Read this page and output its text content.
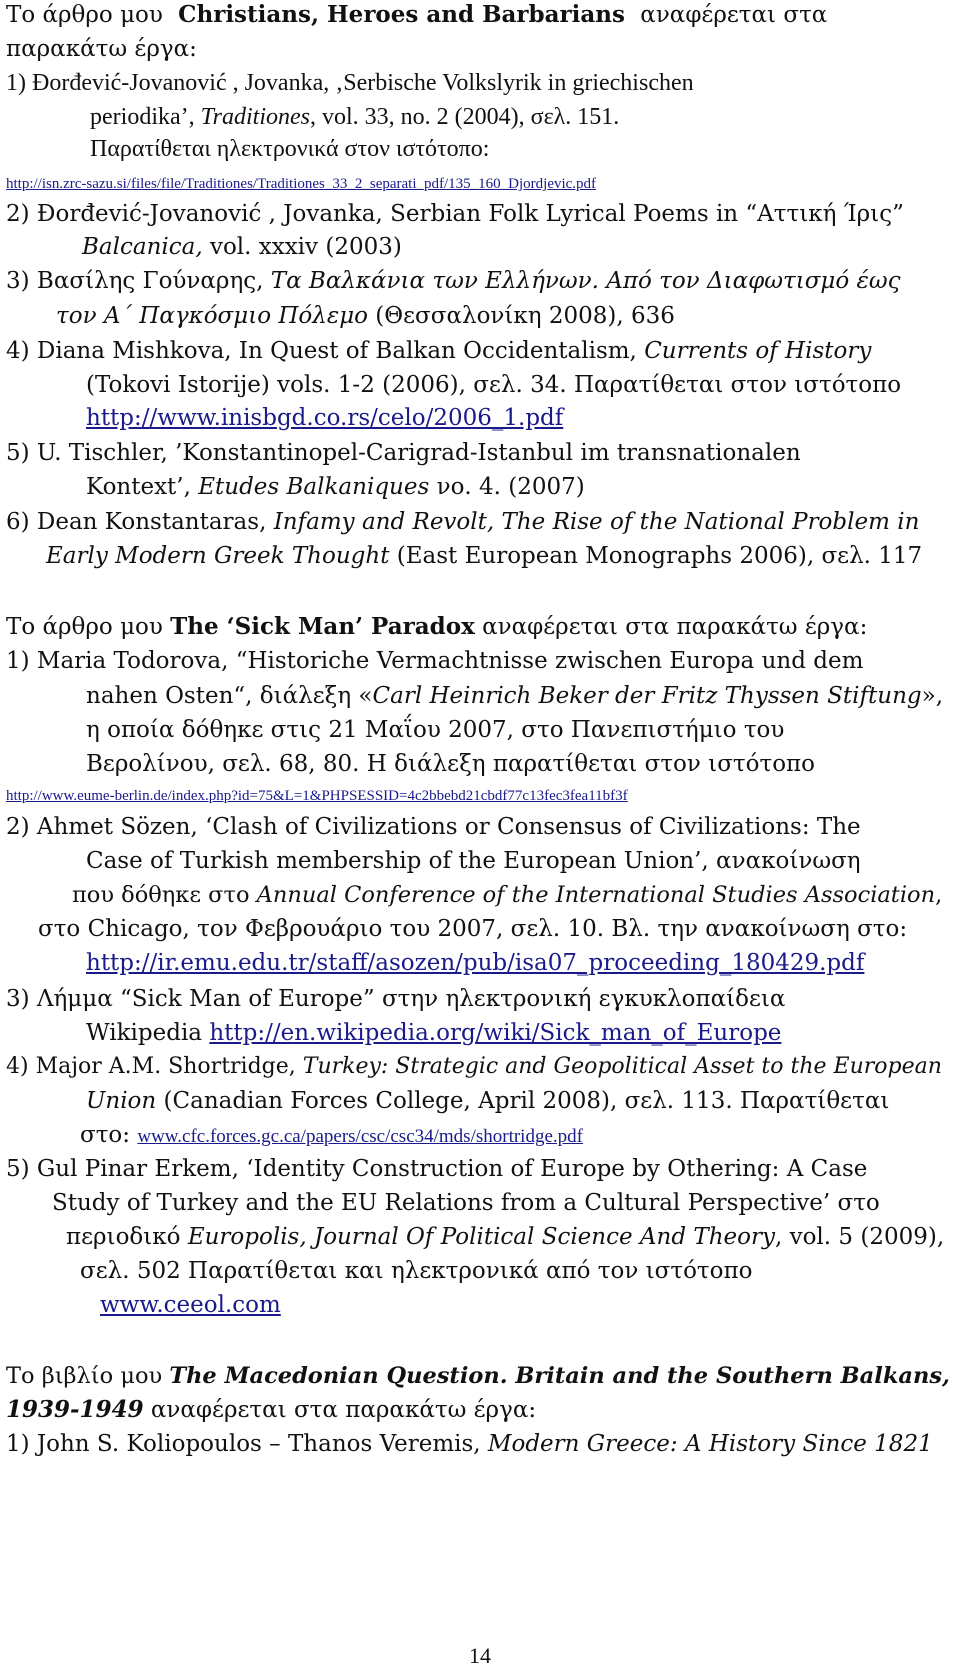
Το άρθρο μου Christians, Heroes and Barbarians αναφέρεται στα
παρακάτω έργα:
1) Đorđević-Jovanović , Jovanka, ‚Serbische Volkslyrik in griechischen
periodika’, Traditiones, vol. 33, no. 2 (2004), σελ. 151.
Παρατίθεται ηλεκτρονικά στον ιστότοπο:
http://isn.zrc-sazu.si/files/file/Traditiones/Traditiones_33_2_separati_pdf/135_160_Djordjevic.pdf
2) Đorđević-Jovanović , Jovanka, Serbian Folk Lyrical Poems in “Αττική Ίρις”
Balcanica, vol. xxxiv (2003)
3) Βασίλης Γούναρης, Τα Βαλκάνια των Ελλήνων. Από τον Διαφωτισμό έως
τον Α΄ Παγκόσμιο Πόλεμο (Θεσσαλονίκη 2008), 636
4) Diana Mishkova, In Quest of Balkan Occidentalism, Currents of History
(Tokovi Istorije) vols. 1-2 (2006), σελ. 34. Παρατίθεται στον ιστότοπο
http://www.inisbgd.co.rs/celo/2006_1.pdf
5) U. Tischler, ’Konstantinopel-Carigrad-Istanbul im transnationalen
Kontext’, Etudes Balkaniques νο. 4. (2007)
6) Dean Konstantaras, Infamy and Revolt, The Rise of the National Problem in
Early Modern Greek Thought (East European Monographs 2006), σελ. 117
Το άρθρο μου The ‘Sick Man’ Paradox αναφέρεται στα παρακάτω έργα:
1) Maria Todorova, “Historiche Vermachtnisse zwischen Europa und dem
nahen Osten“, διάλεξη «Carl Heinrich Beker der Fritz Thyssen Stiftung»,
η οποία δόθηκε στις 21 Μαΐου 2007, στο Πανεπιστήμιο του
Βερολίνου, σελ. 68, 80. Η διάλεξη παρατίθεται στον ιστότοπο
http://www.eume-berlin.de/index.php?id=75&L=1&PHPSESSID=4c2bbebd21cbdf77c13fec3fea11bf3f
2) Ahmet Sözen, ‘Clash of Civilizations or Consensus of Civilizations: The
Case of Turkish membership of the European Union’, ανακοίνωση
που δόθηκε στο Annual Conference of the International Studies Association,
στο Chicago, τον Φεβρουάριο του 2007, σελ. 10. Βλ. την ανακοίνωση στο:
http://ir.emu.edu.tr/staff/asozen/pub/isa07_proceeding_180429.pdf
3) Λήμμα “Sick Man of Europe” στην ηλεκτρονική εγκυκλοπαίδεια
Wikipedia http://en.wikipedia.org/wiki/Sick_man_of_Europe
4) Major A.M. Shortridge, Turkey: Strategic and Geopolitical Asset to the European
Union (Canadian Forces College, April 2008), σελ. 113. Παρατίθεται
στο: www.cfc.forces.gc.ca/papers/csc/csc34/mds/shortridge.pdf
5) Gul Pinar Erkem, ‘Identity Construction of Europe by Othering: A Case
Study of Turkey and the EU Relations from a Cultural Perspective’ στο
περιοδικό Europolis, Journal Of Political Science And Theory, vol. 5 (2009),
σελ. 502 Παρατίθεται και ηλεκτρονικά από τον ιστότοπο
www.ceeol.com
Το βιβλίο μου The Macedonian Question. Britain and the Southern Balkans,
1939-1949 αναφέρεται στα παρακάτω έργα:
1) John S. Koliopoulos – Thanos Veremis, Modern Greece: A History Since 1821
14
